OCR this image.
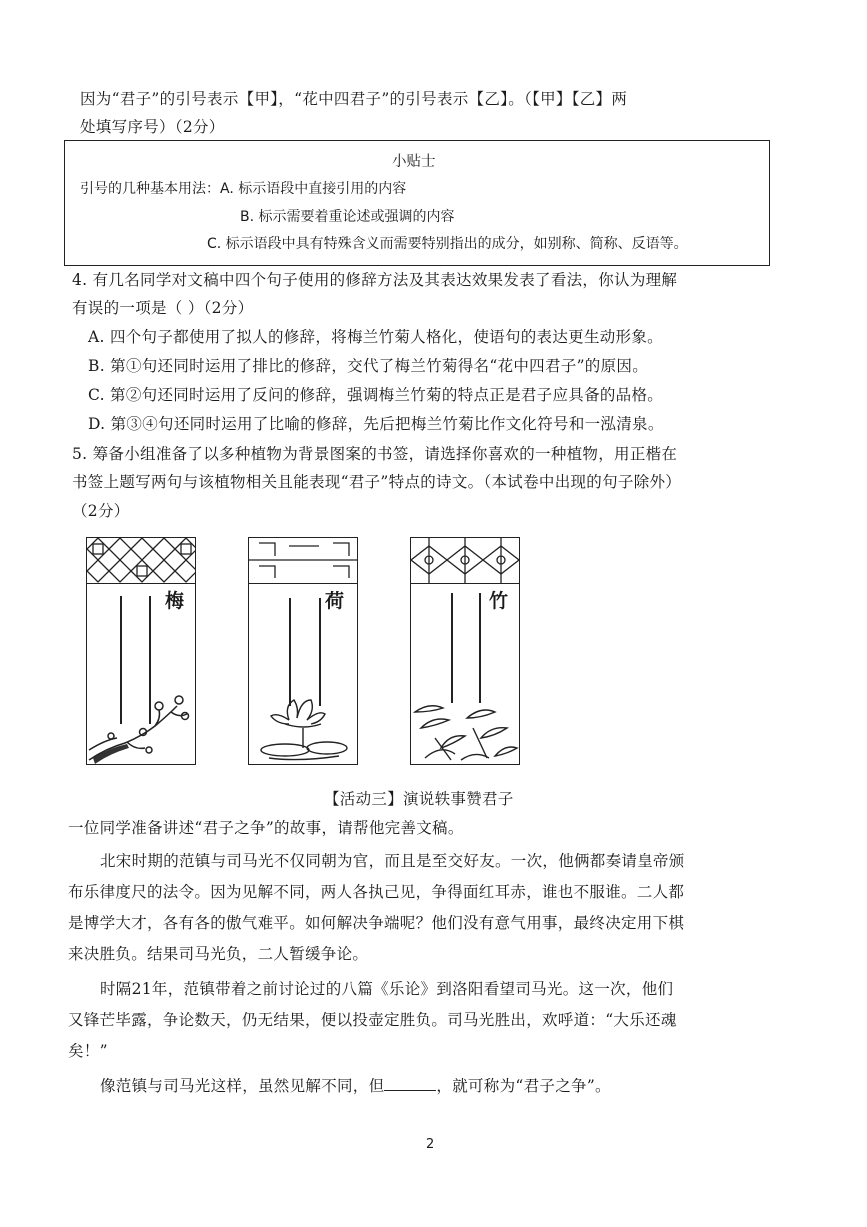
因为“君子”的引号表示【甲】，“花中四君子”的引号表示【乙】。（【甲】【乙】两
处填写序号）（2分）
小贴士
引号的几种基本用法：A. 标示语段中直接引用的内容
B. 标示需要着重论述或强调的内容
C. 标示语段中具有特殊含义而需要特别指出的成分，如别称、简称、反语等。
4. 有几名同学对文稿中四个句子使用的修辞方法及其表达效果发表了看法，你认为理解
有误的一项是（ ）（2分）
A. 四个句子都使用了拟人的修辞，将梅兰竹菊人格化，使语句的表达更生动形象。
B. 第①句还同时运用了排比的修辞，交代了梅兰竹菊得名“花中四君子”的原因。
C. 第②句还同时运用了反问的修辞，强调梅兰竹菊的特点正是君子应具备的品格。
D. 第③④句还同时运用了比喻的修辞，先后把梅兰竹菊比作文化符号和一泓清泉。
5. 筹备小组准备了以多种植物为背景图案的书签，请选择你喜欢的一种植物，用正楷在
书签上题写两句与该植物相关且能表现“君子”特点的诗文。（本试卷中出现的句子除外）
（2分）
梅	荷	竹
【活动三】演说轶事赞君子
一位同学准备讲述“君子之争”的故事，请帮他完善文稿。
北宋时期的范镇与司马光不仅同朝为官，而且是至交好友。一次，他俩都奏请皇帝颁
布乐律度尺的法令。因为见解不同，两人各执己见，争得面红耳赤，谁也不服谁。二人都
是博学大才，各有各的傲气难平。如何解决争端呢？他们没有意气用事，最终决定用下棋
来决胜负。结果司马光负，二人暂缓争论。
时隔21年，范镇带着之前讨论过的八篇《乐论》到洛阳看望司马光。这一次，他们
又锋芒毕露，争论数天，仍无结果，便以投壶定胜负。司马光胜出，欢呼道：“大乐还魂
矣！”
像范镇与司马光这样，虽然见解不同，但	，就可称为“君子之争”。
2
